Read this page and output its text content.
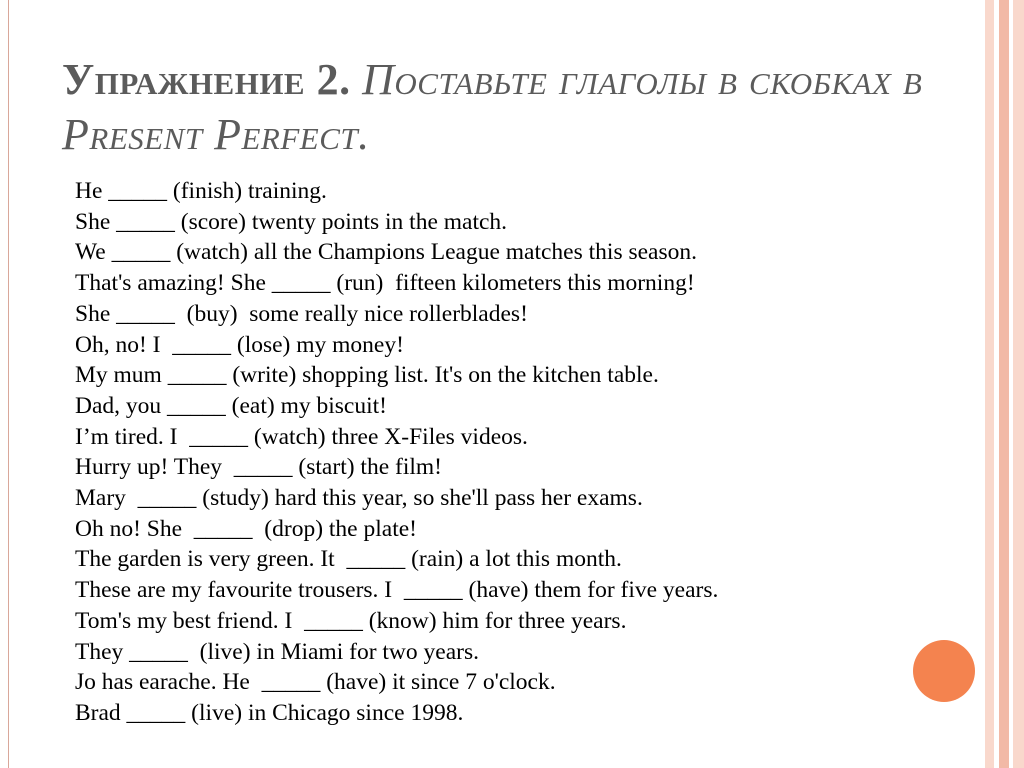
Упражнение 2. Поставьте глаголы в скобках в Present Perfect.
He _____ (finish) training.
She _____ (score) twenty points in the match.
We _____ (watch) all the Champions League matches this season.
That's amazing! She _____ (run)  fifteen kilometers this morning!
She _____  (buy)  some really nice rollerblades!
Oh, no! I  _____ (lose) my money!
My mum _____ (write) shopping list. It's on the kitchen table.
Dad, you _____ (eat) my biscuit!
I’m tired. I  _____ (watch) three X-Files videos.
Hurry up! They  _____ (start) the film!
Mary  _____ (study) hard this year, so she'll pass her exams.
Oh no! She  _____  (drop) the plate!
The garden is very green. It  _____ (rain) a lot this month.
These are my favourite trousers. I  _____ (have) them for five years.
Tom's my best friend. I  _____ (know) him for three years.
They _____  (live) in Miami for two years.
Jo has earache. He  _____ (have) it since 7 o'clock.
Brad _____ (live) in Chicago since 1998.
